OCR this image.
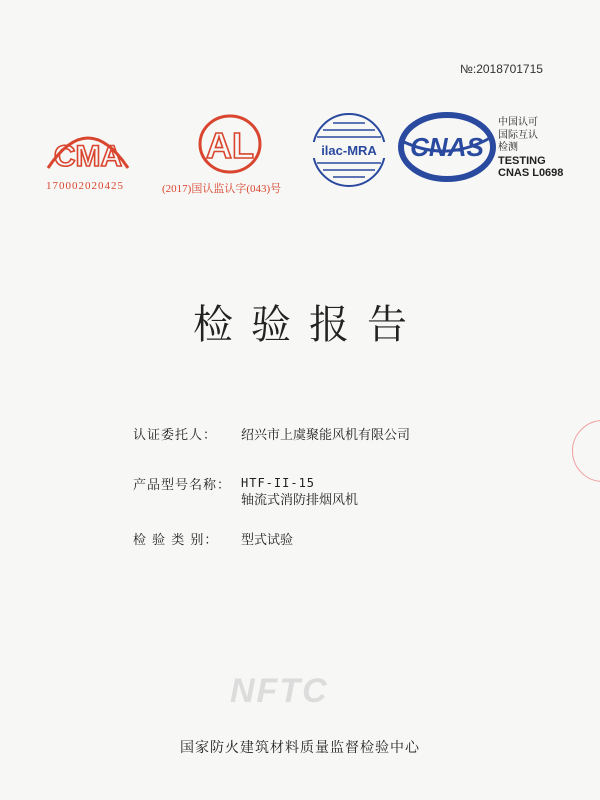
№:2018701715
CMA
170002020425
AL
(2017)国认监认字(043)号
ilac-MRA CNAS
中国认可
国际互认
检测
TESTING
CNAS L0698
检验报告
认证委托人： 绍兴市上虞聚能风机有限公司
产品型号名称： HTF-II-15
轴流式消防排烟风机
检 验 类 别： 型式试验
NFTC
国家防火建筑材料质量监督检验中心
